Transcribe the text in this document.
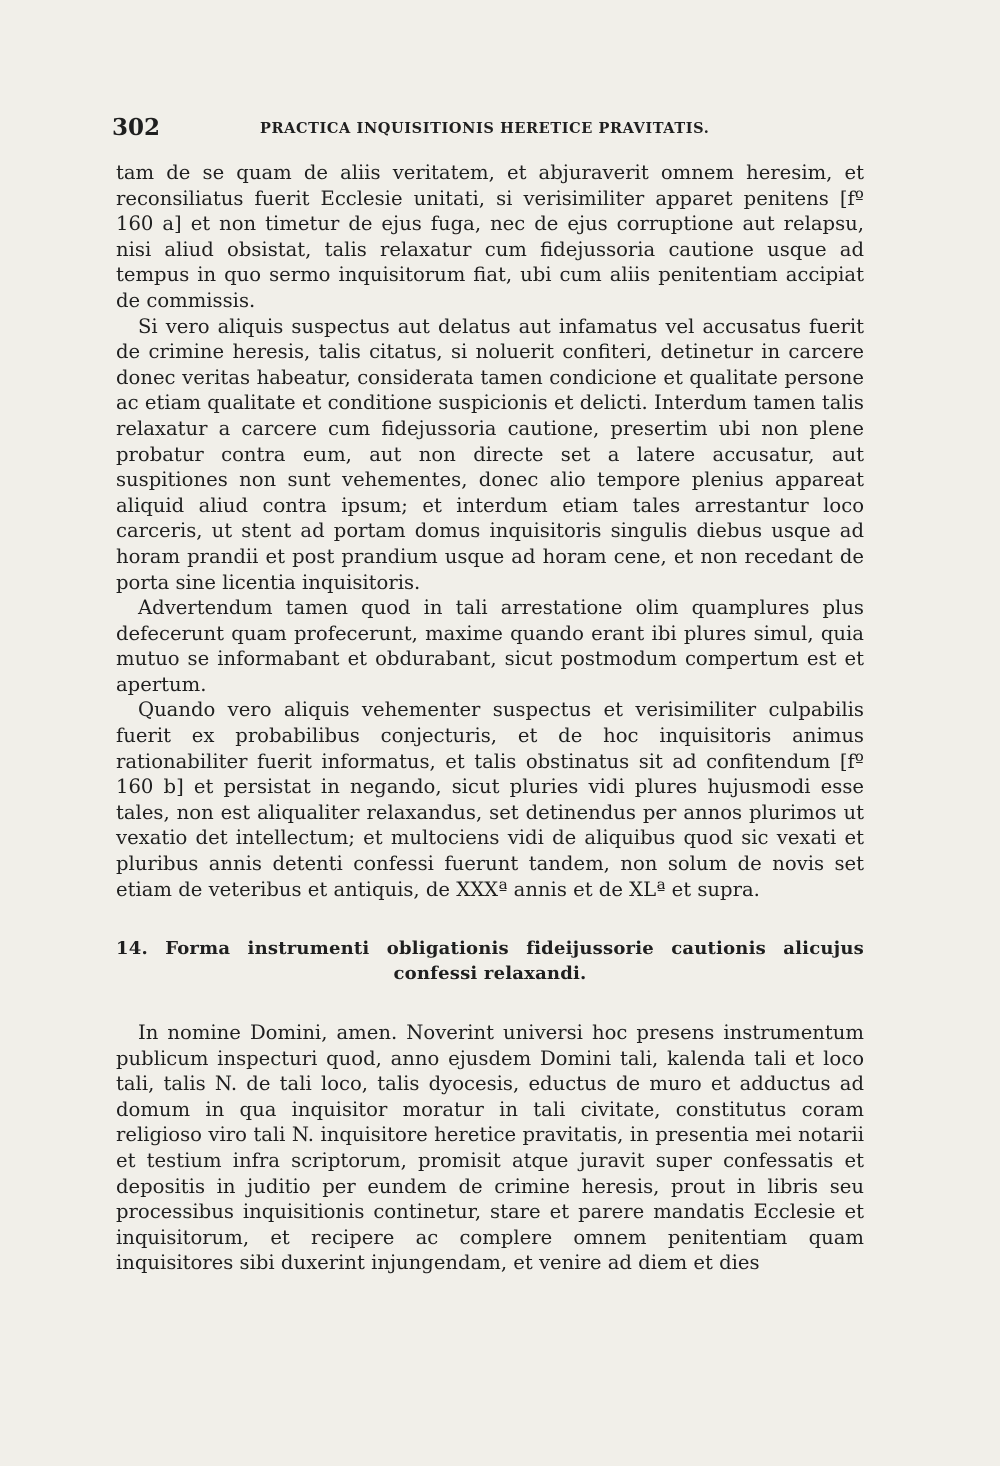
302	PRACTICA INQUISITIONIS HERETICE PRAVITATIS.

tam de se quam de aliis veritatem, et abjuraverit omnem heresim, et reconsiliatus fuerit Ecclesie unitati, si verisimiliter apparet penitens [fº 160 a] et non timetur de ejus fuga, nec de ejus corruptione aut relapsu, nisi aliud obsistat, talis relaxatur cum fidejussoria cautione usque ad tempus in quo sermo inquisitorum fiat, ubi cum aliis penitentiam accipiat de commissis.

Si vero aliquis suspectus aut delatus aut infamatus vel accusatus fuerit de crimine heresis, talis citatus, si noluerit confiteri, detinetur in carcere donec veritas habeatur, considerata tamen condicione et qualitate persone ac etiam qualitate et conditione suspicionis et delicti. Interdum tamen talis relaxatur a carcere cum fidejussoria cautione, presertim ubi non plene probatur contra eum, aut non directe set a latere accusatur, aut suspitiones non sunt vehementes, donec alio tempore plenius appareat aliquid aliud contra ipsum; et interdum etiam tales arrestantur loco carceris, ut stent ad portam domus inquisitoris singulis diebus usque ad horam prandii et post prandium usque ad horam cene, et non recedant de porta sine licentia inquisitoris.

Advertendum tamen quod in tali arrestatione olim quamplures plus defecerunt quam profecerunt, maxime quando erant ibi plures simul, quia mutuo se informabant et obdurabant, sicut postmodum compertum est et apertum.

Quando vero aliquis vehementer suspectus et verisimiliter culpabilis fuerit ex probabilibus conjecturis, et de hoc inquisitoris animus rationabiliter fuerit informatus, et talis obstinatus sit ad confitendum [fº 160 b] et persistat in negando, sicut pluries vidi plures hujusmodi esse tales, non est aliqualiter relaxandus, set detinendus per annos plurimos ut vexatio det intellectum; et multociens vidi de aliquibus quod sic vexati et pluribus annis detenti confessi fuerunt tandem, non solum de novis set etiam de veteribus et antiquis, de XXXª annis et de XLª et supra.

14. Forma instrumenti obligationis fideijussorie cautionis alicujus confessi relaxandi.

In nomine Domini, amen. Noverint universi hoc presens instrumentum publicum inspecturi quod, anno ejusdem Domini tali, kalenda tali et loco tali, talis N. de tali loco, talis dyocesis, eductus de muro et adductus ad domum in qua inquisitor moratur in tali civitate, constitutus coram religioso viro tali N. inquisitore heretice pravitatis, in presentia mei notarii et testium infra scriptorum, promisit atque juravit super confessatis et depositis in juditio per eundem de crimine heresis, prout in libris seu processibus inquisitionis continetur, stare et parere mandatis Ecclesie et inquisitorum, et recipere ac complere omnem penitentiam quam inquisitores sibi duxerint injungendam, et venire ad diem et dies
